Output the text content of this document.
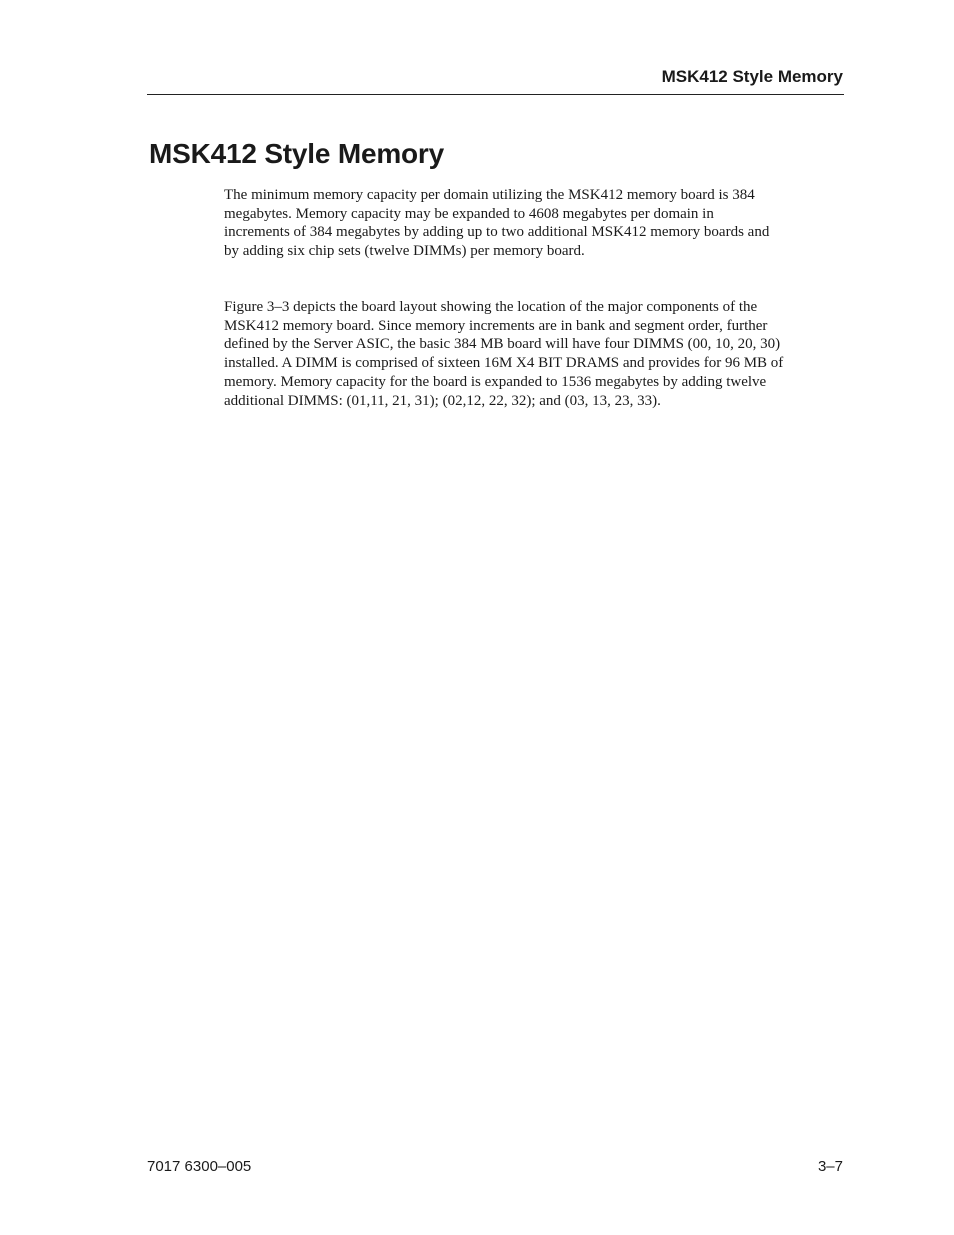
MSK412 Style Memory
MSK412 Style Memory

The minimum memory capacity per domain utilizing the MSK412 memory board is 384
megabytes. Memory capacity may be expanded to 4608 megabytes per domain in
increments of 384 megabytes by adding up to two additional MSK412 memory boards and
by adding six chip sets (twelve DIMMs) per memory board.

Figure 3–3 depicts the board layout showing the location of the major components of the
MSK412 memory board. Since memory increments are in bank and segment order, further
defined by the Server ASIC, the basic 384 MB board will have four DIMMS (00, 10, 20, 30)
installed. A DIMM is comprised of sixteen 16M X4 BIT DRAMS and provides for 96 MB of
memory. Memory capacity for the board is expanded to 1536 megabytes by adding twelve
additional DIMMS: (01,11, 21, 31); (02,12, 22, 32); and (03, 13, 23, 33).

7017 6300–005	3–7
